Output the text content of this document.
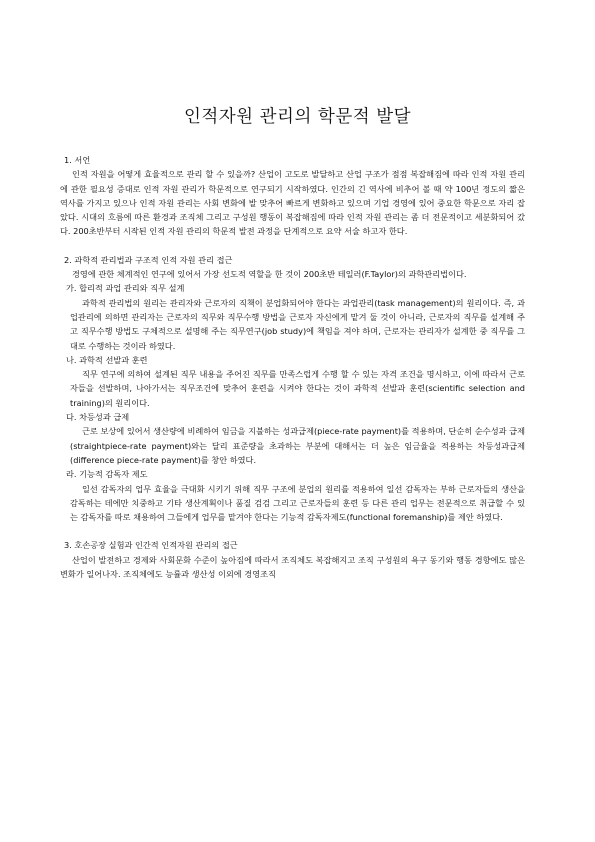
인적자원 관리의 학문적 발달

1. 서언

인적 자원을 어떻게 효율적으로 관리 할 수 있을까? 산업이 고도로 발달하고 산업 구조가 점점 복잡해짐에 따라 인적 자원 관리에 관한 필요성 증대로 인적 자원 관리가 학문적으로 연구되기 시작하였다. 인간의 긴 역사에 비추어 볼 때 약 100년 정도의 짧은 역사를 가지고 있으나 인적 자원 관리는 사회 변화에 발 맞추어 빠르게 변화하고 있으며 기업 경영에 있어 중요한 학문으로 자리 잡았다. 시대의 흐름에 따른 환경과 조직체 그리고 구성원 행동이 복잡해짐에 따라 인적 자원 관리는 좀 더 전문적이고 세분화되어 갔다. 200초반부터 시작된 인적 자원 관리의 학문적 발전 과정을 단계적으로 요약 서술 하고자 한다.

2. 과학적 관리법과 구조적 인적 자원 관리 접근

경영에 관한 체계적인 연구에 있어서 가장 선도적 역할을 한 것이 200초반 테일러(F.Taylor)의 과학관리법이다.

가. 합리적 과업 관리와 직무 설계

과학적 관리법의 원리는 관리자와 근로자의 직책이 분업화되어야 한다는 과업관리(task management)의 원리이다. 즉, 과업관리에 의하면 관리자는 근로자의 직무와 직무수행 방법을 근로자 자신에게 맡겨 둘 것이 아니라, 근로자의 직무를 설계해 주고 직무수행 방법도 구체적으로 설명해 주는 직무연구(job study)에 책임을 져야 하며, 근로자는 관리자가 설계한 중 직무를 그대로 수행하는 것이라 하였다.

나. 과학적 선발과 훈련

직무 연구에 의하여 설계된 직무 내용을 주어진 직무를 만족스럽게 수행 할 수 있는 자격 조건을 명시하고, 이에 따라서 근로자들을 선발하며, 나아가서는 직무조건에 맞추어 훈련을 시켜야 한다는 것이 과학적 선발과 훈련(scientific selection and training)의 원리이다.

다. 차등성과 급제

근로 보상에 있어서 생산량에 비례하여 임금을 지불하는 성과급제(piece-rate payment)를 적용하며, 단순히 순수성과 급제(straightpiece-rate payment)와는 달리 표준량을 초과하는 부분에 대해서는 더 높은 임금율을 적용하는 차등성과급제(difference piece-rate payment)를 창안 하였다.

라. 기능적 감독자 제도

일선 감독자의 업무 효율을 극대화 시키기 위해 직무 구조에 분업의 원리를 적용하여 일선 감독자는 부하 근로자들의 생산을 감독하는 데에만 치중하고 기타 생산계획이나 품질 검검 그리고 근로자들의 훈련 등 다른 관리 업무는 전문적으로 취급할 수 있는 감독자를 따로 채용하여 그들에게 업무를 맡겨야 한다는 기능적 감독자제도(functional foremanship)를 제안 하였다.

3. 호손공장 실험과 인간적 인적자원 관리의 접근

산업이 발전하고 경제와 사회문화 수준이 높아짐에 따라서 조직체도 복잡해지고 조직 구성원의 욕구 동기와 행동 경향에도 많은 변화가 일어나자. 조직체에도 능률과 생산성 이외에 경영조직
